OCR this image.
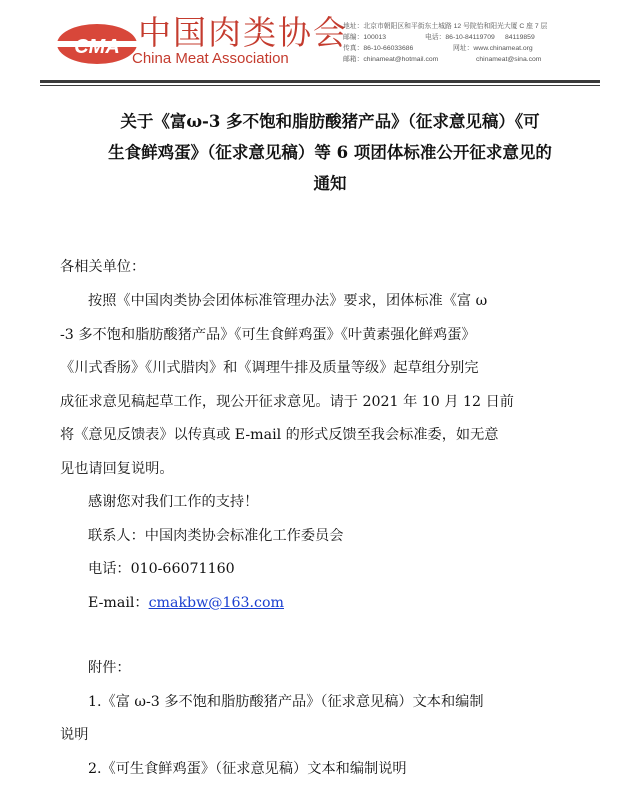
CMA 中国肉类协会
China Meat Association
地址：北京市朝阳区和平街东土城路 12 号院怡和阳光大厦 C 座 7 层
邮编：100013	电话：86-10-84119709 84119859
传真：86-10-66033686	网址：www.chinameat.org
邮箱：chinameat@hotmail.com	chinameat@sina.com
关于《富ω-3 多不饱和脂肪酸猪产品》（征求意见稿）《可
生食鲜鸡蛋》（征求意见稿）等 6 项团体标准公开征求意见的
通知
各相关单位：
按照《中国肉类协会团体标准管理办法》要求，团体标准《富 ω
-3 多不饱和脂肪酸猪产品》《可生食鲜鸡蛋》《叶黄素强化鲜鸡蛋》
《川式香肠》《川式腊肉》和《调理牛排及质量等级》起草组分别完
成征求意见稿起草工作，现公开征求意见。请于 2021 年 10 月 12 日前
将《意见反馈表》以传真或 E-mail 的形式反馈至我会标准委，如无意
见也请回复说明。
感谢您对我们工作的支持！
联系人：中国肉类协会标准化工作委员会
电话：010-66071160
E-mail：cmakbw@163.com
附件：
1.《富 ω-3 多不饱和脂肪酸猪产品》（征求意见稿）文本和编制
说明
2.《可生食鲜鸡蛋》（征求意见稿）文本和编制说明
